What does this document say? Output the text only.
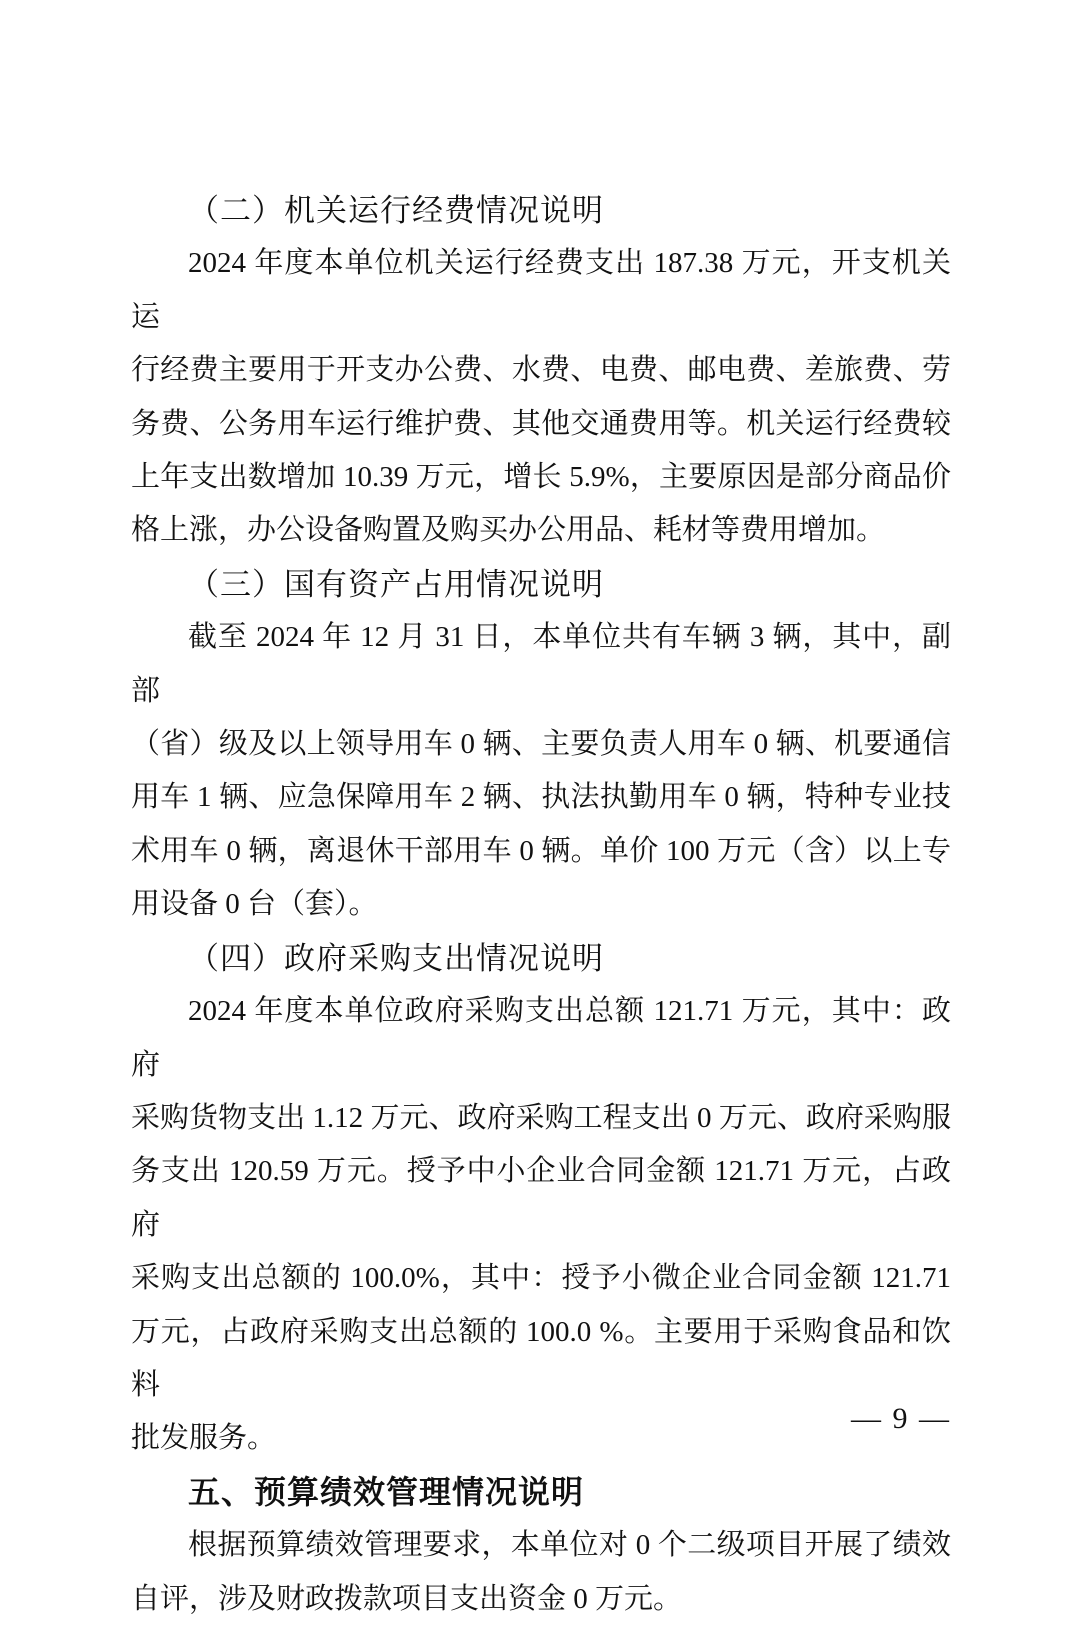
（二）机关运行经费情况说明
2024 年度本单位机关运行经费支出 187.38 万元，开支机关运
行经费主要用于开支办公费、水费、电费、邮电费、差旅费、劳
务费、公务用车运行维护费、其他交通费用等。机关运行经费较
上年支出数增加 10.39 万元，增长 5.9%，主要原因是部分商品价
格上涨，办公设备购置及购买办公用品、耗材等费用增加。
（三）国有资产占用情况说明
截至 2024 年 12 月 31 日，本单位共有车辆 3 辆，其中，副部
（省）级及以上领导用车 0 辆、主要负责人用车 0 辆、机要通信
用车 1 辆、应急保障用车 2 辆、执法执勤用车 0 辆，特种专业技
术用车 0 辆，离退休干部用车 0 辆。单价 100 万元（含）以上专
用设备 0 台（套）。
（四）政府采购支出情况说明
2024 年度本单位政府采购支出总额 121.71 万元，其中：政府
采购货物支出 1.12 万元、政府采购工程支出 0 万元、政府采购服
务支出 120.59 万元。授予中小企业合同金额 121.71 万元，占政府
采购支出总额的 100.0%，其中：授予小微企业合同金额 121.71
万元，占政府采购支出总额的 100.0 %。主要用于采购食品和饮料
批发服务。
五、预算绩效管理情况说明
根据预算绩效管理要求，本单位对 0 个二级项目开展了绩效
自评，涉及财政拨款项目支出资金 0 万元。
— 9 —
